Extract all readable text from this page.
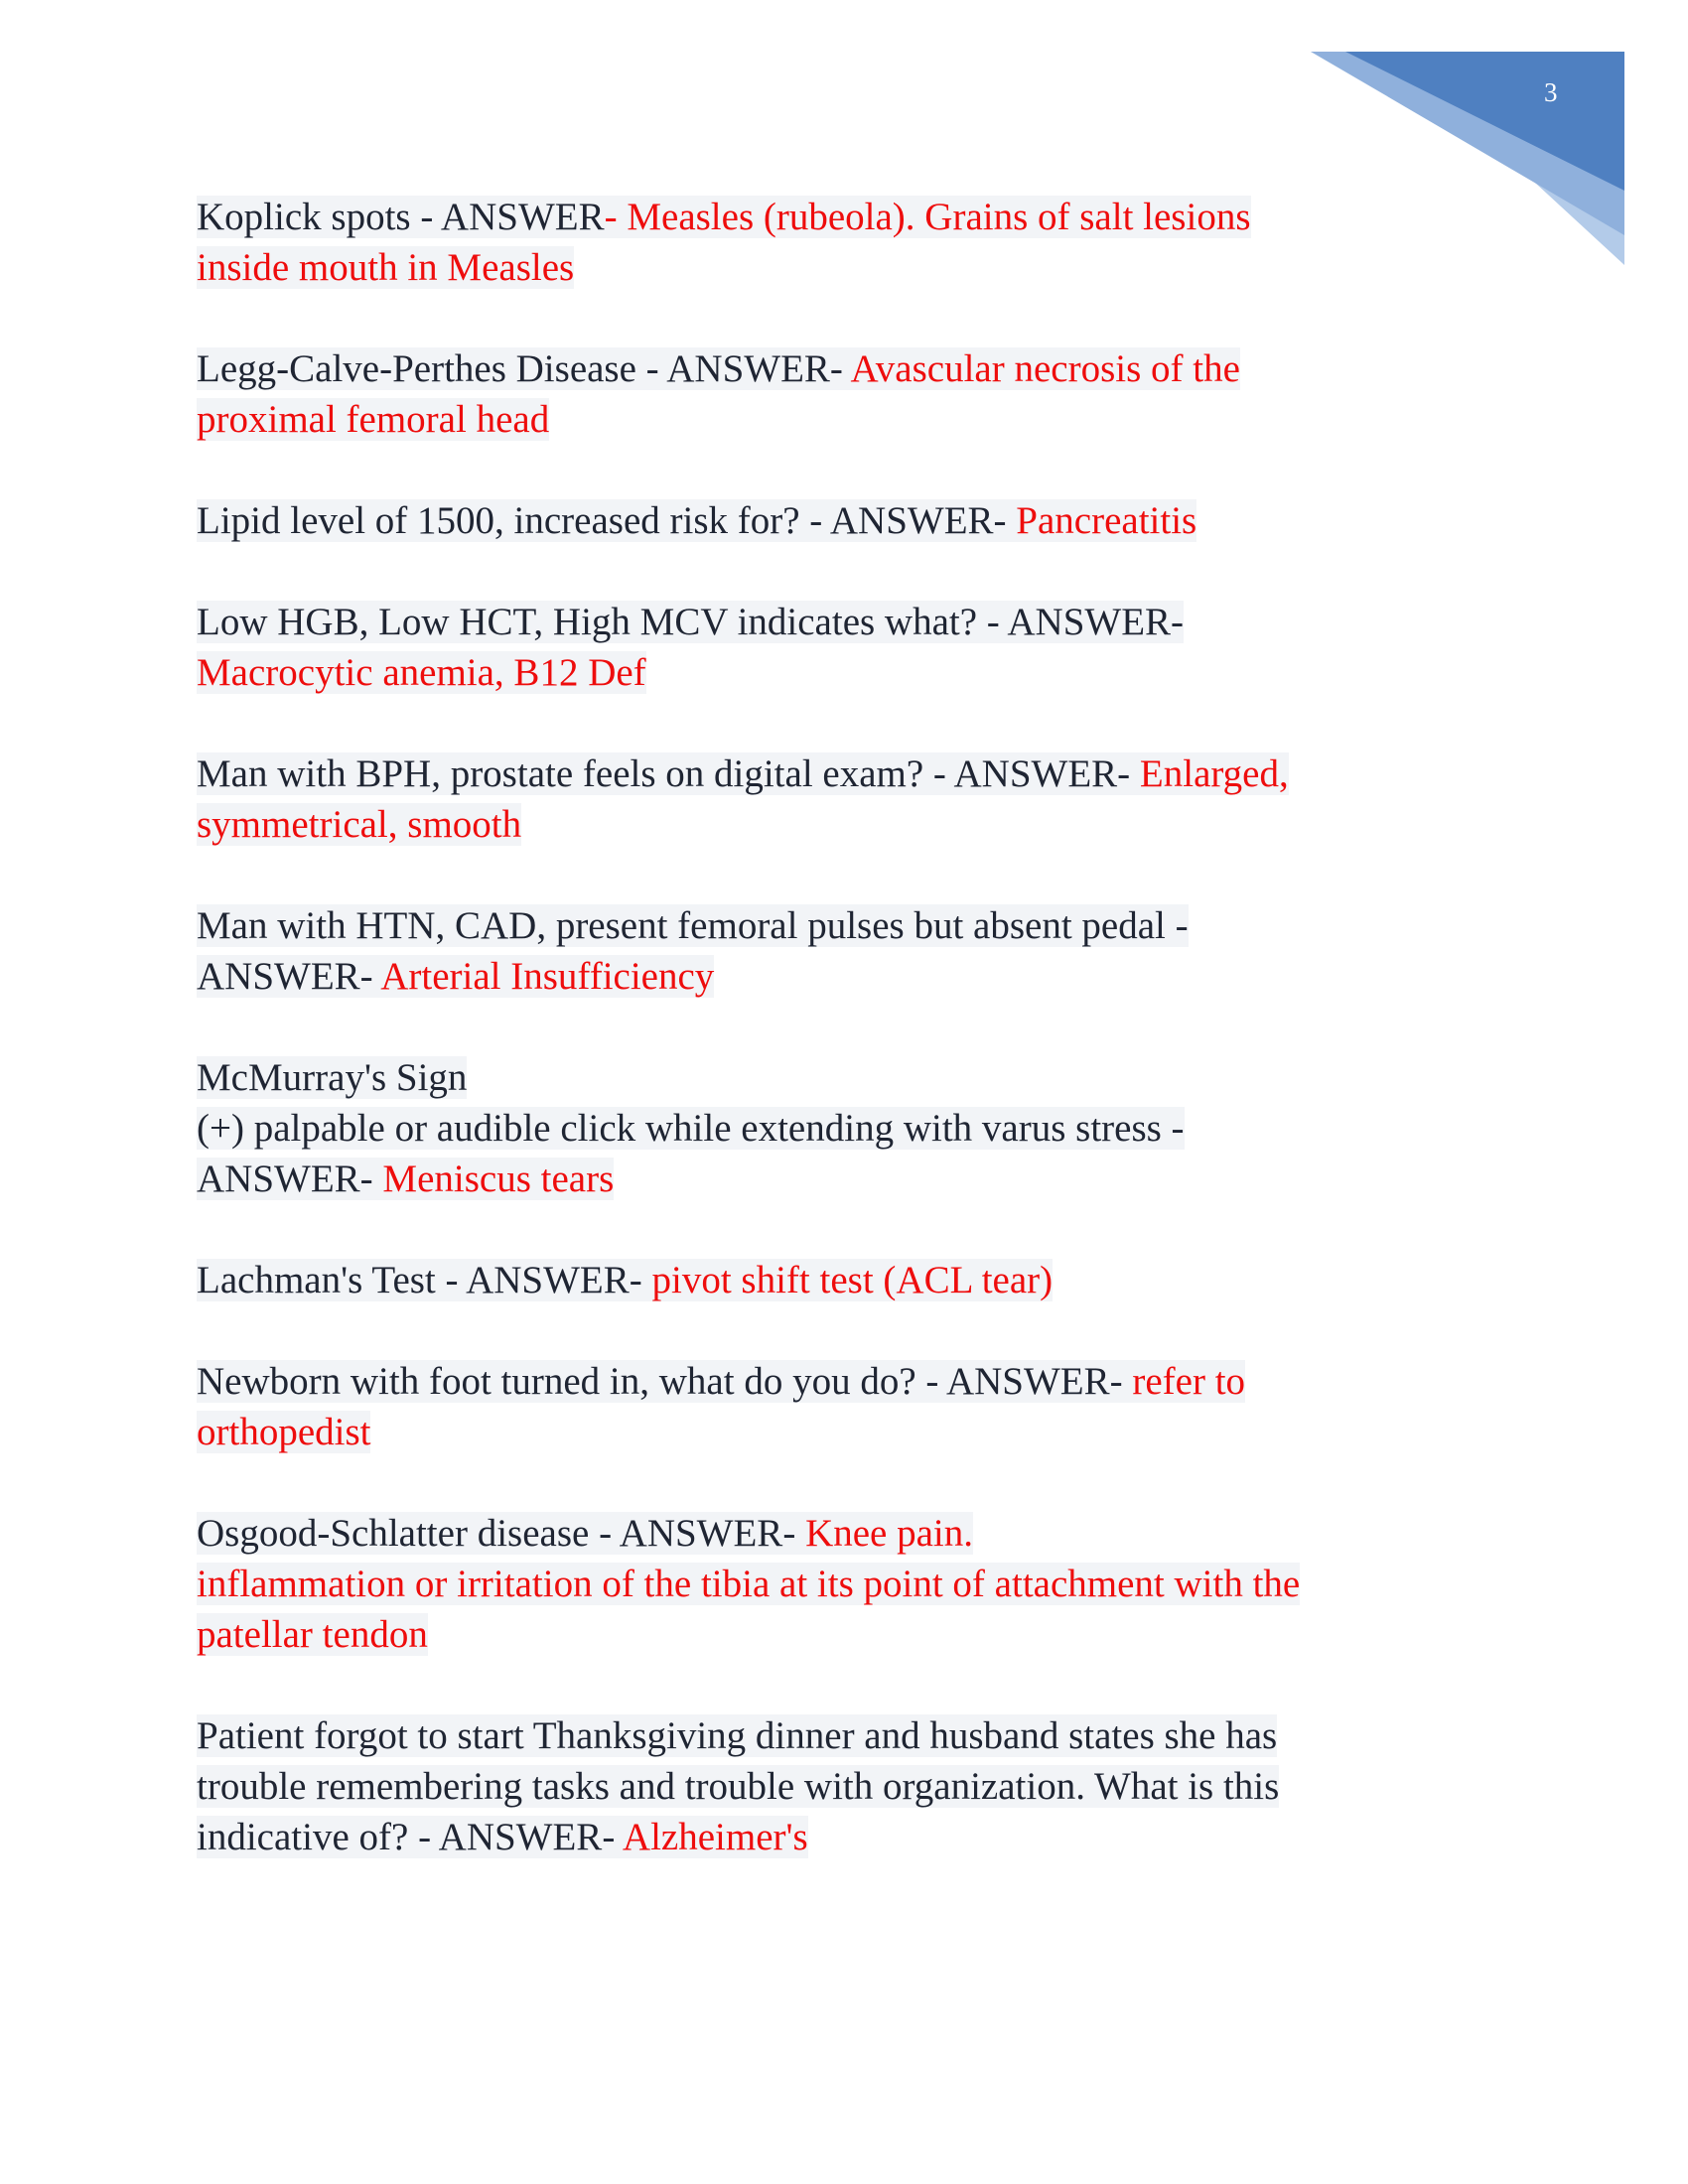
3
Koplick spots - ANSWER- Measles (rubeola). Grains of salt lesions
inside mouth in Measles
Legg-Calve-Perthes Disease - ANSWER- Avascular necrosis of the
proximal femoral head
Lipid level of 1500, increased risk for? - ANSWER- Pancreatitis
Low HGB, Low HCT, High MCV indicates what? - ANSWER-
Macrocytic anemia, B12 Def
Man with BPH, prostate feels on digital exam? - ANSWER- Enlarged,
symmetrical, smooth
Man with HTN, CAD, present femoral pulses but absent pedal -
ANSWER- Arterial Insufficiency
McMurray's Sign
(+) palpable or audible click while extending with varus stress -
ANSWER- Meniscus tears
Lachman's Test - ANSWER- pivot shift test (ACL tear)
Newborn with foot turned in, what do you do? - ANSWER- refer to
orthopedist
Osgood-Schlatter disease - ANSWER- Knee pain.
inflammation or irritation of the tibia at its point of attachment with the
patellar tendon
Patient forgot to start Thanksgiving dinner and husband states she has
trouble remembering tasks and trouble with organization. What is this
indicative of? - ANSWER- Alzheimer's
